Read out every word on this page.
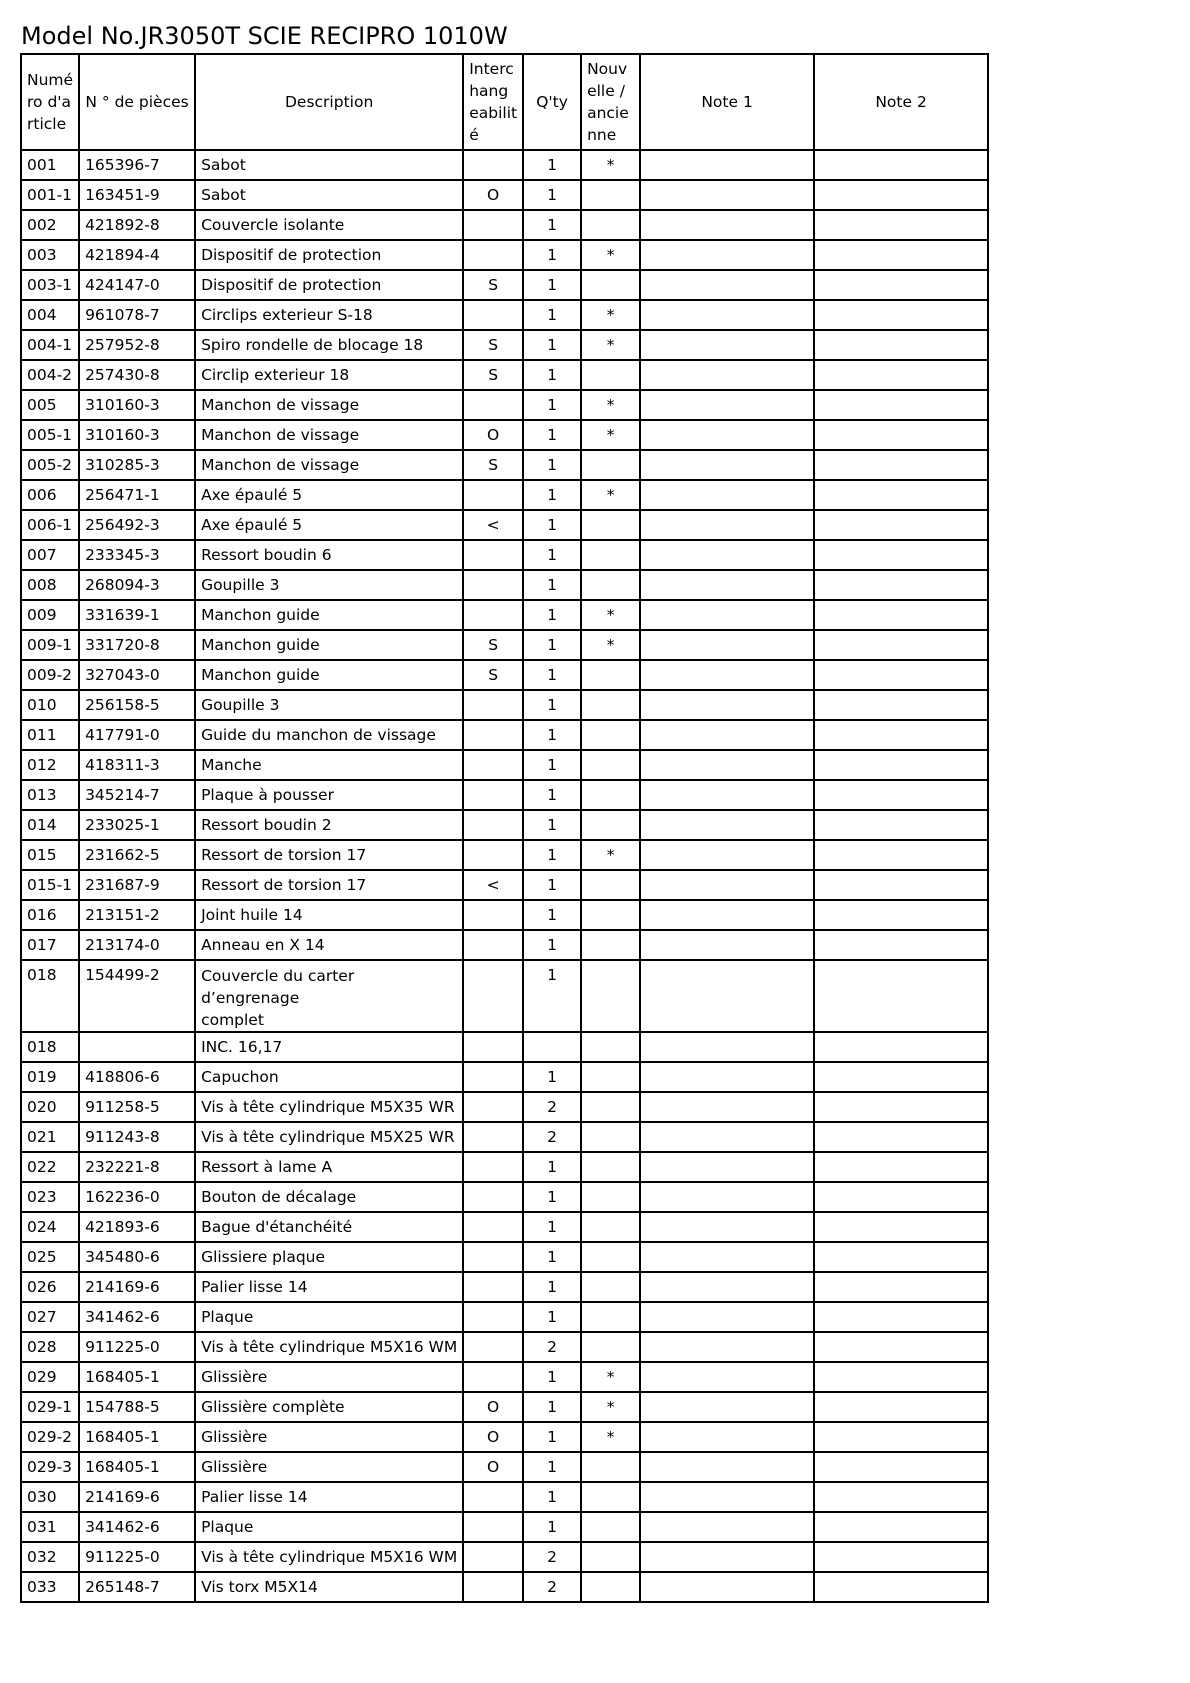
Model No.JR3050T SCIE RECIPRO 1010W
Numé
ro d'a
rticle	N ° de pièces	Description	Interc
hang
eabilit
é	Q'ty	Nouv
elle /
ancie
nne	Note 1	Note 2
001	165396-7	Sabot		1	*		
001-1	163451-9	Sabot	O	1			
002	421892-8	Couvercle isolante		1			
003	421894-4	Dispositif de protection		1	*		
003-1	424147-0	Dispositif de protection	S	1			
004	961078-7	Circlips exterieur S-18		1	*		
004-1	257952-8	Spiro rondelle de blocage 18	S	1	*		
004-2	257430-8	Circlip exterieur 18	S	1			
005	310160-3	Manchon de vissage		1	*		
005-1	310160-3	Manchon de vissage	O	1	*		
005-2	310285-3	Manchon de vissage	S	1			
006	256471-1	Axe épaulé 5		1	*		
006-1	256492-3	Axe épaulé 5	<	1			
007	233345-3	Ressort boudin 6		1			
008	268094-3	Goupille 3		1			
009	331639-1	Manchon guide		1	*		
009-1	331720-8	Manchon guide	S	1	*		
009-2	327043-0	Manchon guide	S	1			
010	256158-5	Goupille 3		1			
011	417791-0	Guide du manchon de vissage		1			
012	418311-3	Manche		1			
013	345214-7	Plaque à pousser		1			
014	233025-1	Ressort boudin 2		1			
015	231662-5	Ressort de torsion 17		1	*		
015-1	231687-9	Ressort de torsion 17	<	1			
016	213151-2	Joint huile 14		1			
017	213174-0	Anneau en X 14		1			
018	154499-2	Couvercle du carter d’engrenage
complet		1			
018		INC. 16,17					
019	418806-6	Capuchon		1			
020	911258-5	Vis à tête cylindrique M5X35 WR		2			
021	911243-8	Vis à tête cylindrique M5X25 WR		2			
022	232221-8	Ressort à lame A		1			
023	162236-0	Bouton de décalage		1			
024	421893-6	Bague d'étanchéité		1			
025	345480-6	Glissiere plaque		1			
026	214169-6	Palier lisse 14		1			
027	341462-6	Plaque		1			
028	911225-0	Vis à tête cylindrique M5X16 WM		2			
029	168405-1	Glissière		1	*		
029-1	154788-5	Glissière complète	O	1	*		
029-2	168405-1	Glissière	O	1	*		
029-3	168405-1	Glissière	O	1			
030	214169-6	Palier lisse 14		1			
031	341462-6	Plaque		1			
032	911225-0	Vis à tête cylindrique M5X16 WM		2			
033	265148-7	Vis torx M5X14		2			
